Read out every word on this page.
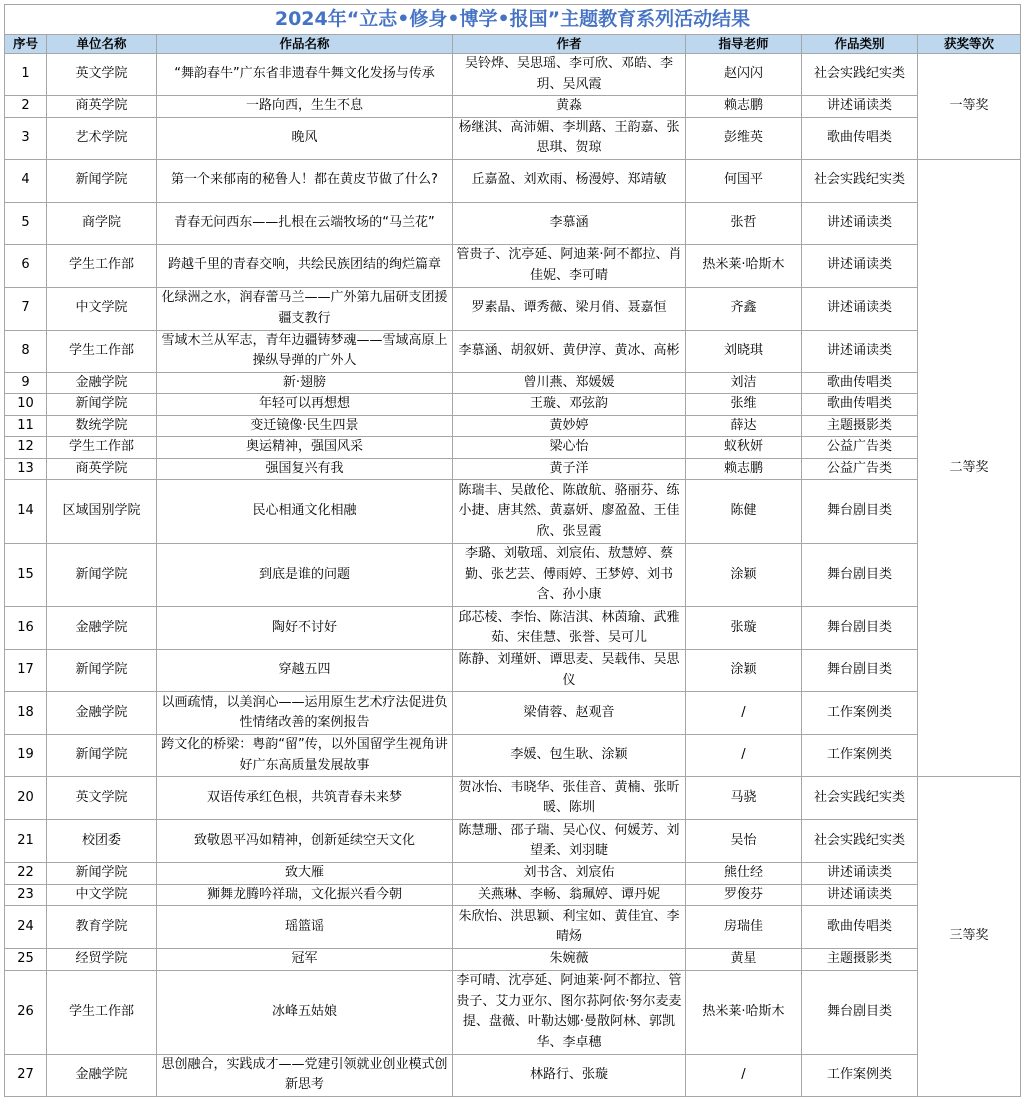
2024年“立志•修身•博学•报国”主题教育系列活动结果						
序号	单位名称	作品名称	作者	指导老师	作品类别	获奖等次
1	英文学院	“舞韵春牛”广东省非遗春牛舞文化发扬与传承	吴铃烨、吴思瑶、李可欣、邓皓、李玥、吴风霞	赵闪闪	社会实践纪实类	一等奖
2	商英学院	一路向西，生生不息	黄淼	赖志鹏	讲述诵读类	
3	艺术学院	晚风	杨继淇、高沛媚、李圳蕗、王韵嘉、张思琪、贺琼	彭维英	歌曲传唱类	
4	新闻学院	第一个来郁南的秘鲁人！都在黄皮节做了什么?	丘嘉盈、刘欢雨、杨漫婷、郑靖敏	何国平	社会实践纪实类	二等奖
5	商学院	青春无问西东——扎根在云端牧场的“马兰花”	李慕涵	张哲	讲述诵读类	
6	学生工作部	跨越千里的青春交响，共绘民族团结的绚烂篇章	管贵子、沈亭延、阿迪莱·阿不都拉、肖佳妮、李可晴	热米莱·哈斯木	讲述诵读类	
7	中文学院	化绿洲之水，润春蕾马兰——广外第九届研支团援疆支教行	罗素晶、谭秀薇、梁月俏、聂嘉恒	齐鑫	讲述诵读类	
8	学生工作部	雪域木兰从军志，青年边疆铸梦魂——雪域高原上操纵导弹的广外人	李慕涵、胡叙妍、黄伊淳、黄冰、高彬	刘晓琪	讲述诵读类	
9	金融学院	新·翅膀	曾川燕、郑媛媛	刘洁	歌曲传唱类	
10	新闻学院	年轻可以再想想	王璇、邓弦韵	张维	歌曲传唱类	
11	数统学院	变迁镜像·民生四景	黄妙婷	薛达	主题摄影类	
12	学生工作部	奥运精神，强国风采	梁心怡	蚁秋妍	公益广告类	
13	商英学院	强国复兴有我	黄子洋	赖志鹏	公益广告类	
14	区域国别学院	民心相通文化相融	陈瑞丰、吴啟伦、陈啟航、骆丽芬、练小捷、唐其然、黄嘉妍、廖盈盈、王佳欣、张昱霞	陈健	舞台剧目类	
15	新闻学院	到底是谁的问题	李璐、刘敬瑶、刘宸佑、敖慧婷、蔡勤、张艺芸、傅雨婷、王梦婷、刘书含、孙小康	涂颖	舞台剧目类	
16	金融学院	陶好不讨好	邱芯棱、李怡、陈洁淇、林茵瑜、武雅茹、宋佳慧、张誉、吴可儿	张璇	舞台剧目类	
17	新闻学院	穿越五四	陈静、刘瑾妍、谭思麦、吴载伟、吴思仪	涂颖	舞台剧目类	
18	金融学院	以画疏情，以美润心——运用原生艺术疗法促进负性情绪改善的案例报告	梁倩蓉、赵观音	/	工作案例类	
19	新闻学院	跨文化的桥梁：粤韵“留”传，以外国留学生视角讲好广东高质量发展故事	李媛、包生耿、涂颖	/	工作案例类	
20	英文学院	双语传承红色根，共筑青春未来梦	贺冰怡、韦晓华、张佳音、黄楠、张昕暖、陈圳	马骁	社会实践纪实类	三等奖
21	校团委	致敬恩平冯如精神，创新延续空天文化	陈慧珊、邵子瑞、吴心仪、何媛芳、刘望柔、刘羽睫	吴怡	社会实践纪实类	
22	新闻学院	致大雁	刘书含、刘宸佑	熊仕经	讲述诵读类	
23	中文学院	狮舞龙腾吟祥瑞，文化振兴看今朝	关燕琳、李畅、翁珮婷、谭丹妮	罗俊芬	讲述诵读类	
24	教育学院	瑶篮谣	朱欣怡、洪思颖、利宝如、黄佳宜、李晴炀	房瑞佳	歌曲传唱类	
25	经贸学院	冠军	朱婉薇	黄星	主题摄影类	
26	学生工作部	冰峰五姑娘	李可晴、沈亭延、阿迪莱·阿不都拉、管贵子、艾力亚尔、图尔荪阿依·努尔麦麦提、盘薇、叶勒达娜·曼散阿林、郭凯华、李卓穗	热米莱·哈斯木	舞台剧目类	
27	金融学院	思创融合，实践成才——党建引领就业创业模式创新思考	林路行、张璇	/	工作案例类	
